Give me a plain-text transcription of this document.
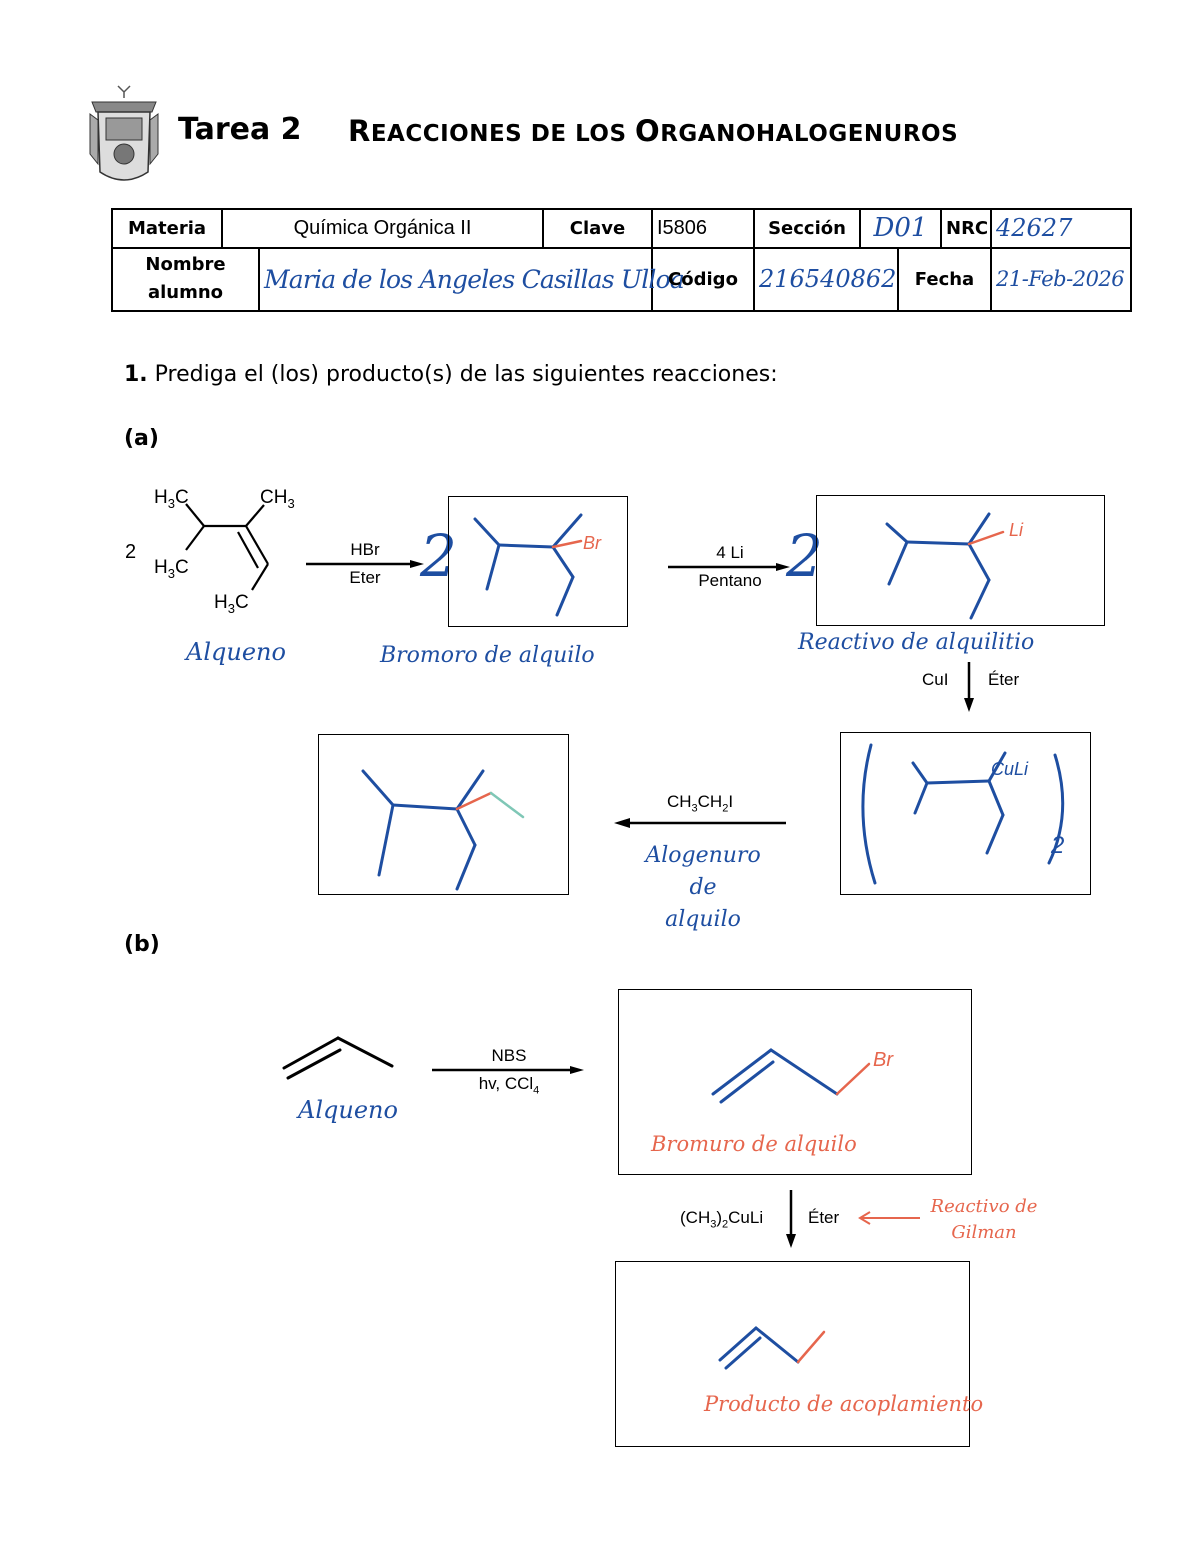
Tarea 2 REACCIONES DE LOS ORGANOHALOGENUROS
Materia	Química Orgánica II		Clave	I5806	Sección	D01		NRC	42627
Nombre
alumno		Maria de los Angeles Casillas Ulloa		Código	216540862		Fecha		21-Feb-2026
1. Prediga el (los) producto(s) de las siguientes reacciones:
(a)
2
$H_3C$	$CH_3$
$H_3C$
$H_3C$
Alqueno
HBr
Eter 2	Br
Bromoro de alquilo
4 Li
Pentano 2	Li
Reactivo de alquilitio
CuI Éter
CuLi
2
$CH_3CH_2I$
Alogenuro de
alquilo
(b)
Alqueno
NBS
hv, CCl$_4$
Br
Bromuro de alquilo
$(CH_3)_2CuLi$	Éter
Reactivo de
Gilman
Producto de acoplamiento
